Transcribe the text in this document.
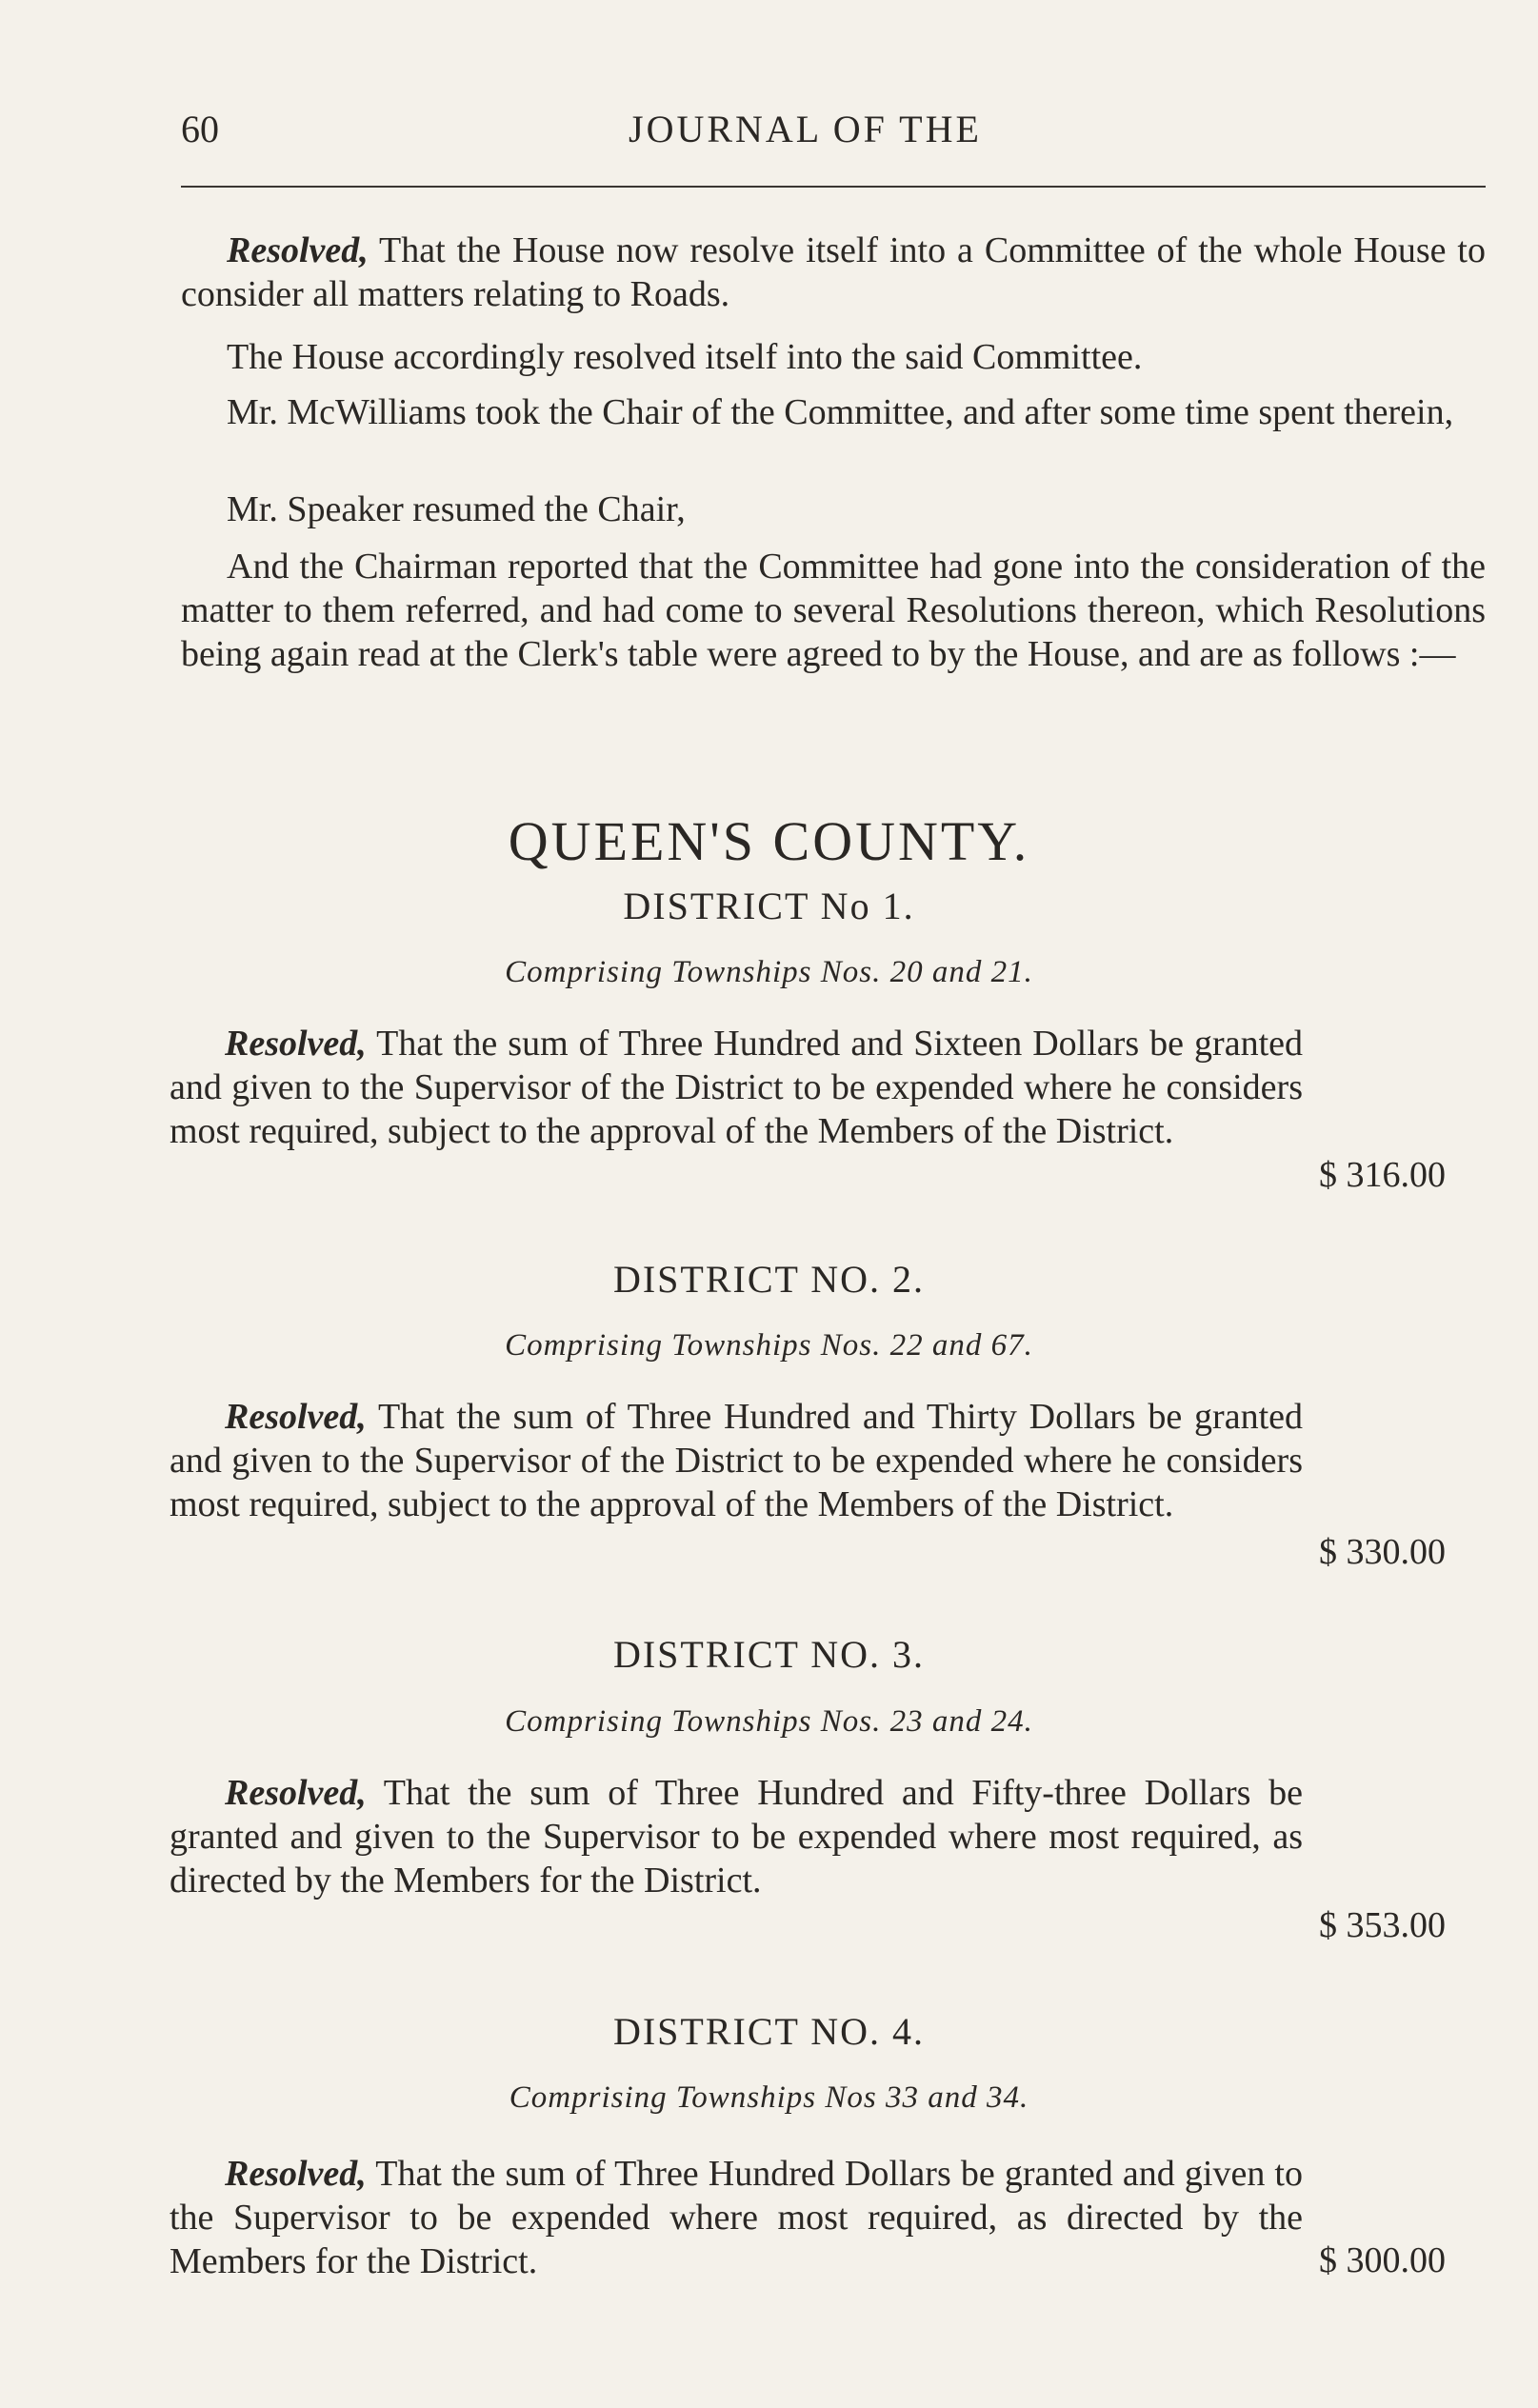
60	JOURNAL OF THE

Resolved, That the House now resolve itself into a Committee of the whole House to consider all matters relating to Roads.

The House accordingly resolved itself into the said Committee.

Mr. McWilliams took the Chair of the Committee, and after some time spent therein,

Mr. Speaker resumed the Chair,

And the Chairman reported that the Committee had gone into the consideration of the matter to them referred, and had come to several Resolutions thereon, which Resolutions being again read at the Clerk's table were agreed to by the House, and are as follows :—

QUEEN'S COUNTY.
DISTRICT No 1.
Comprising Townships Nos. 20 and 21.

Resolved, That the sum of Three Hundred and Sixteen Dollars be granted and given to the Supervisor of the District to be expended where he considers most required, subject to the approval of the Members of the District.

$ 316.00
DISTRICT NO. 2.
Comprising Townships Nos. 22 and 67.

Resolved, That the sum of Three Hundred and Thirty Dollars be granted and given to the Supervisor of the District to be expended where he considers most required, subject to the approval of the Members of the District.

$ 330.00
DISTRICT NO. 3.
Comprising Townships Nos. 23 and 24.

Resolved, That the sum of Three Hundred and Fifty-three Dollars be granted and given to the Supervisor to be expended where most required, as directed by the Members for the District.

$ 353.00
DISTRICT NO. 4.
Comprising Townships Nos 33 and 34.

Resolved, That the sum of Three Hundred Dollars be granted and given to the Supervisor to be expended where most required, as directed by the Members for the District.	$ 300.00
